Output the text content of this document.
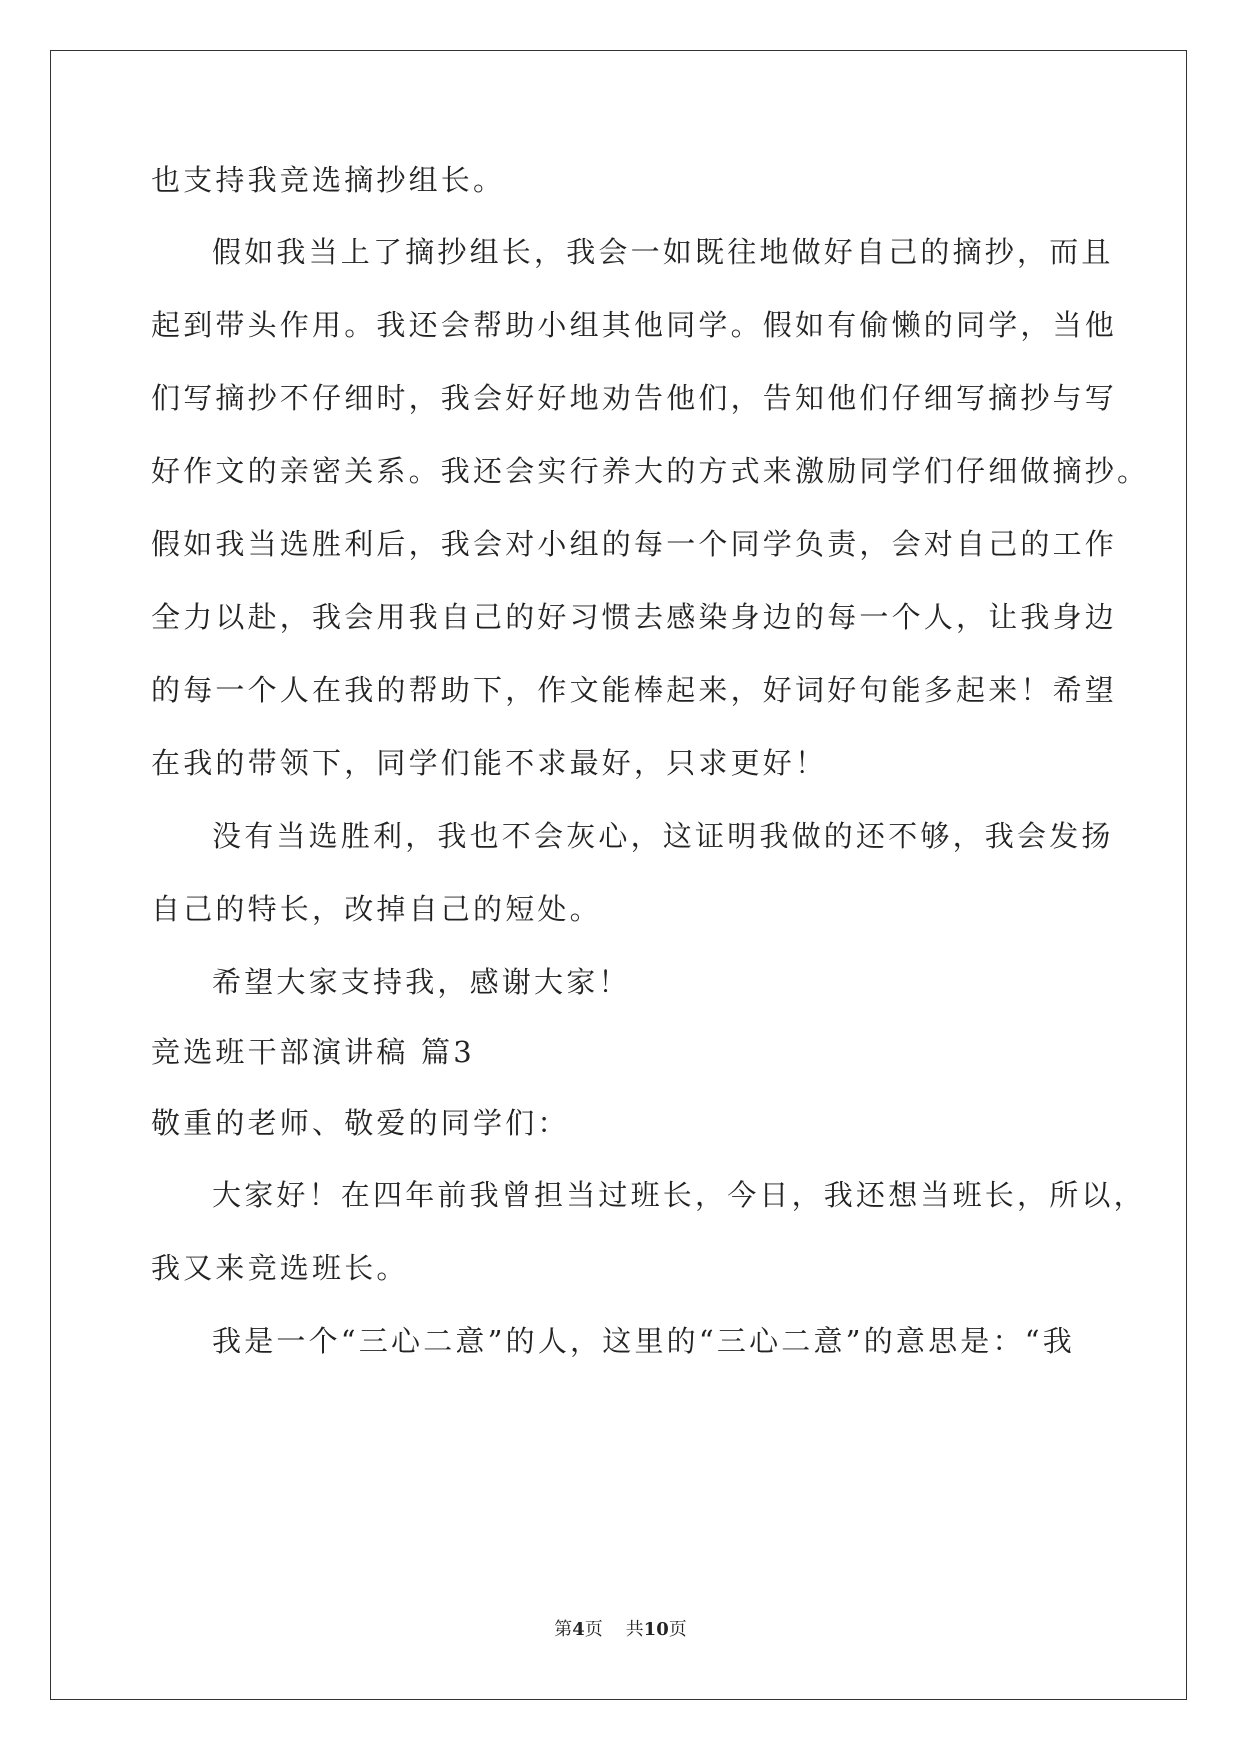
也支持我竞选摘抄组长。
假如我当上了摘抄组长，我会一如既往地做好自己的摘抄，而且
起到带头作用。我还会帮助小组其他同学。假如有偷懒的同学，当他
们写摘抄不仔细时，我会好好地劝告他们，告知他们仔细写摘抄与写
好作文的亲密关系。我还会实行养大的方式来激励同学们仔细做摘抄。
假如我当选胜利后，我会对小组的每一个同学负责，会对自己的工作
全力以赴，我会用我自己的好习惯去感染身边的每一个人，让我身边
的每一个人在我的帮助下，作文能棒起来，好词好句能多起来！希望
在我的带领下，同学们能不求最好，只求更好！
没有当选胜利，我也不会灰心，这证明我做的还不够，我会发扬
自己的特长，改掉自己的短处。
希望大家支持我，感谢大家！
竞选班干部演讲稿 篇3
敬重的老师、敬爱的同学们：
大家好！在四年前我曾担当过班长，今日，我还想当班长，所以，
我又来竞选班长。
我是一个“三心二意”的人，这里的“三心二意”的意思是：“我
第4页 共10页
